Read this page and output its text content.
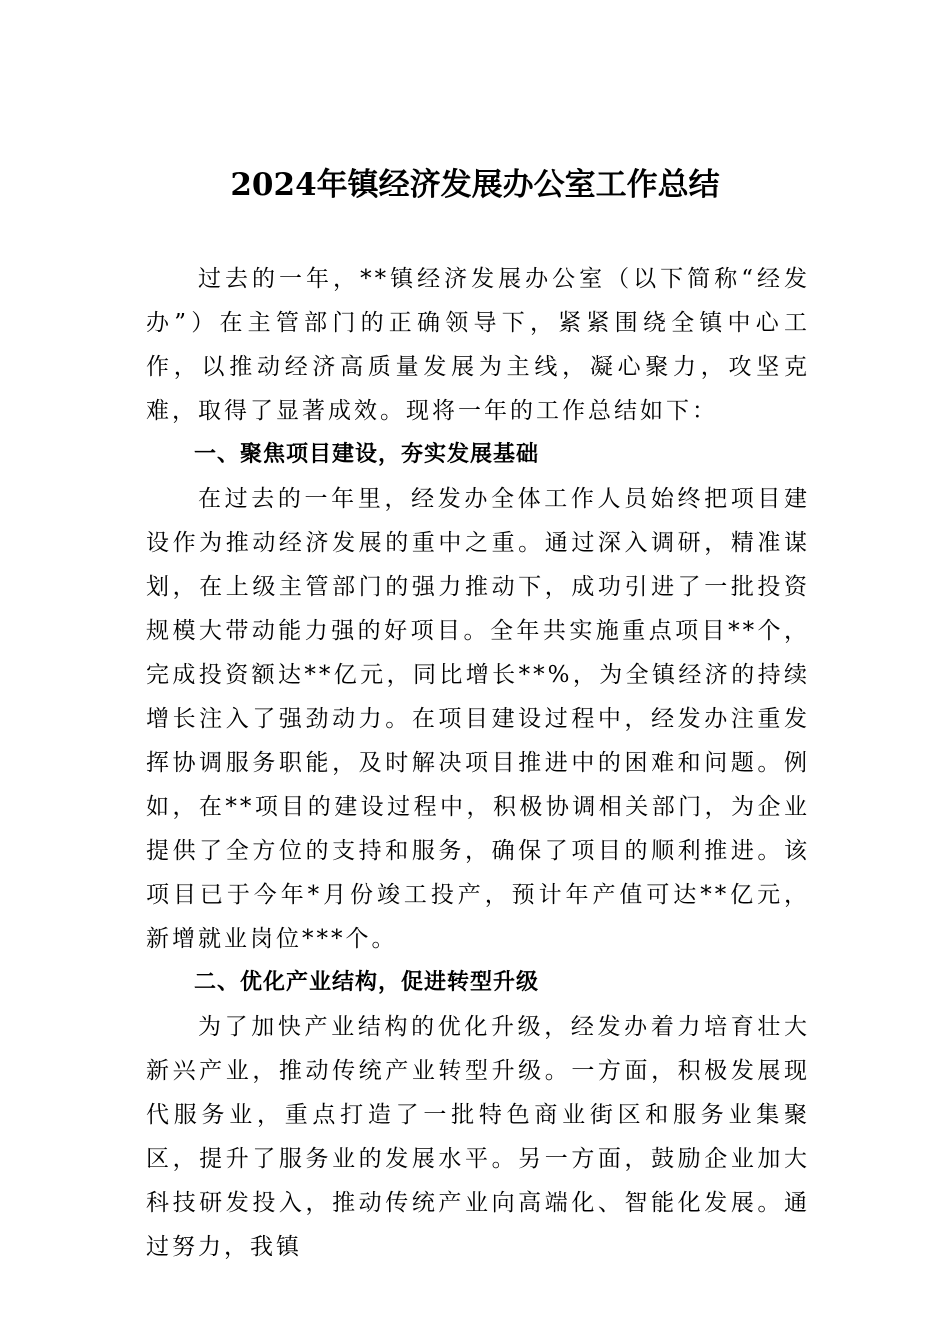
2024年镇经济发展办公室工作总结

过去的一年，**镇经济发展办公室（以下简称“经发办”）在主管部门的正确领导下，紧紧围绕全镇中心工作，以推动经济高质量发展为主线，凝心聚力，攻坚克难，取得了显著成效。现将一年的工作总结如下：

一、聚焦项目建设，夯实发展基础

在过去的一年里，经发办全体工作人员始终把项目建设作为推动经济发展的重中之重。通过深入调研，精准谋划，在上级主管部门的强力推动下，成功引进了一批投资规模大带动能力强的好项目。全年共实施重点项目**个，完成投资额达**亿元，同比增长**%，为全镇经济的持续增长注入了强劲动力。在项目建设过程中，经发办注重发挥协调服务职能，及时解决项目推进中的困难和问题。例如，在**项目的建设过程中，积极协调相关部门，为企业提供了全方位的支持和服务，确保了项目的顺利推进。该项目已于今年*月份竣工投产，预计年产值可达**亿元，新增就业岗位***个。

二、优化产业结构，促进转型升级

为了加快产业结构的优化升级，经发办着力培育壮大新兴产业，推动传统产业转型升级。一方面，积极发展现代服务业，重点打造了一批特色商业街区和服务业集聚区，提升了服务业的发展水平。另一方面，鼓励企业加大科技研发投入，推动传统产业向高端化、智能化发展。通过努力，我镇
